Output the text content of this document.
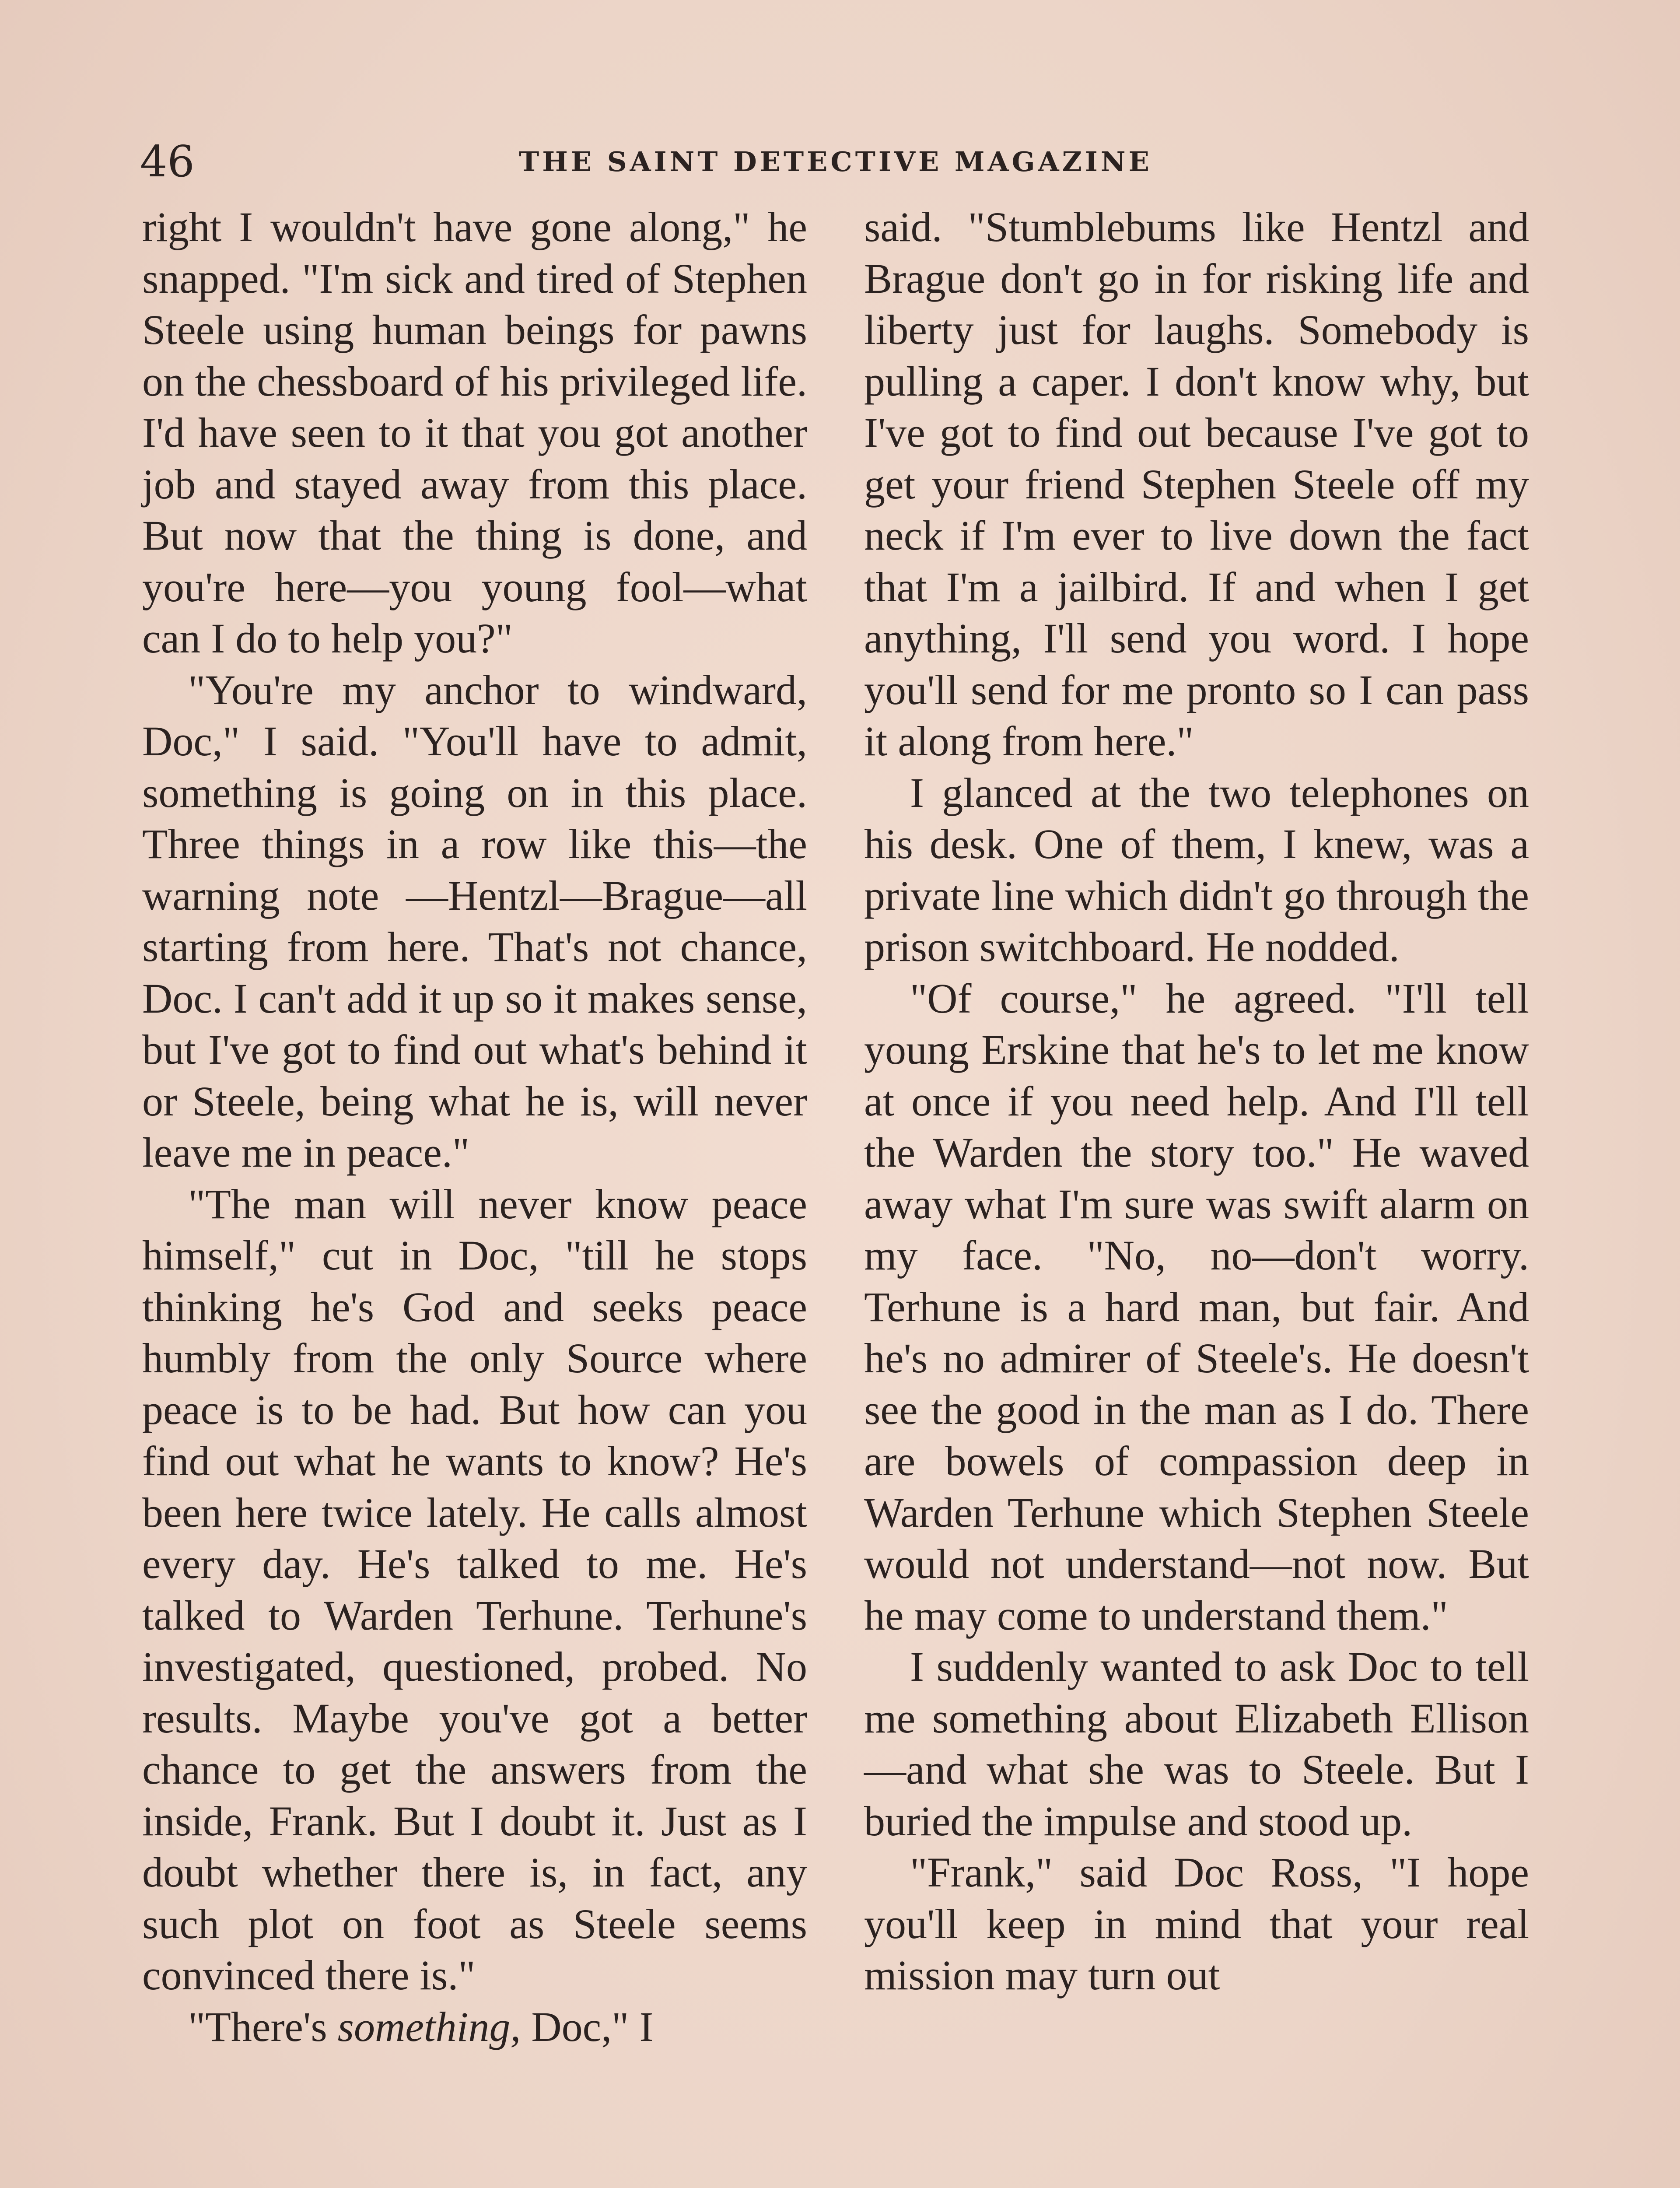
46	THE SAINT DETECTIVE MAGAZINE

right I wouldn't have gone along," he snapped. "I'm sick and tired of Stephen Steele using human beings for pawns on the chessboard of his privileged life. I'd have seen to it that you got another job and stayed away from this place. But now that the thing is done, and you're here—you young fool—what can I do to help you?"

"You're my anchor to windward, Doc," I said. "You'll have to admit, something is going on in this place. Three things in a row like this—the warning note —Hentzl—Brague—all starting from here. That's not chance, Doc. I can't add it up so it makes sense, but I've got to find out what's behind it or Steele, being what he is, will never leave me in peace."

"The man will never know peace himself," cut in Doc, "till he stops thinking he's God and seeks peace humbly from the only Source where peace is to be had. But how can you find out what he wants to know? He's been here twice lately. He calls almost every day. He's talked to me. He's talked to Warden Terhune. Terhune's investigated, questioned, probed. No results. Maybe you've got a better chance to get the answers from the inside, Frank. But I doubt it. Just as I doubt whether there is, in fact, any such plot on foot as Steele seems convinced there is."

"There's something, Doc," I

said. "Stumblebums like Hentzl and Brague don't go in for risking life and liberty just for laughs. Somebody is pulling a caper. I don't know why, but I've got to find out because I've got to get your friend Stephen Steele off my neck if I'm ever to live down the fact that I'm a jailbird. If and when I get anything, I'll send you word. I hope you'll send for me pronto so I can pass it along from here."

I glanced at the two telephones on his desk. One of them, I knew, was a private line which didn't go through the prison switchboard. He nodded.

"Of course," he agreed. "I'll tell young Erskine that he's to let me know at once if you need help. And I'll tell the Warden the story too." He waved away what I'm sure was swift alarm on my face. "No, no—don't worry. Terhune is a hard man, but fair. And he's no admirer of Steele's. He doesn't see the good in the man as I do. There are bowels of compassion deep in Warden Terhune which Stephen Steele would not understand—not now. But he may come to understand them."

I suddenly wanted to ask Doc to tell me something about Elizabeth Ellison—and what she was to Steele. But I buried the impulse and stood up.

"Frank," said Doc Ross, "I hope you'll keep in mind that your real mission may turn out
